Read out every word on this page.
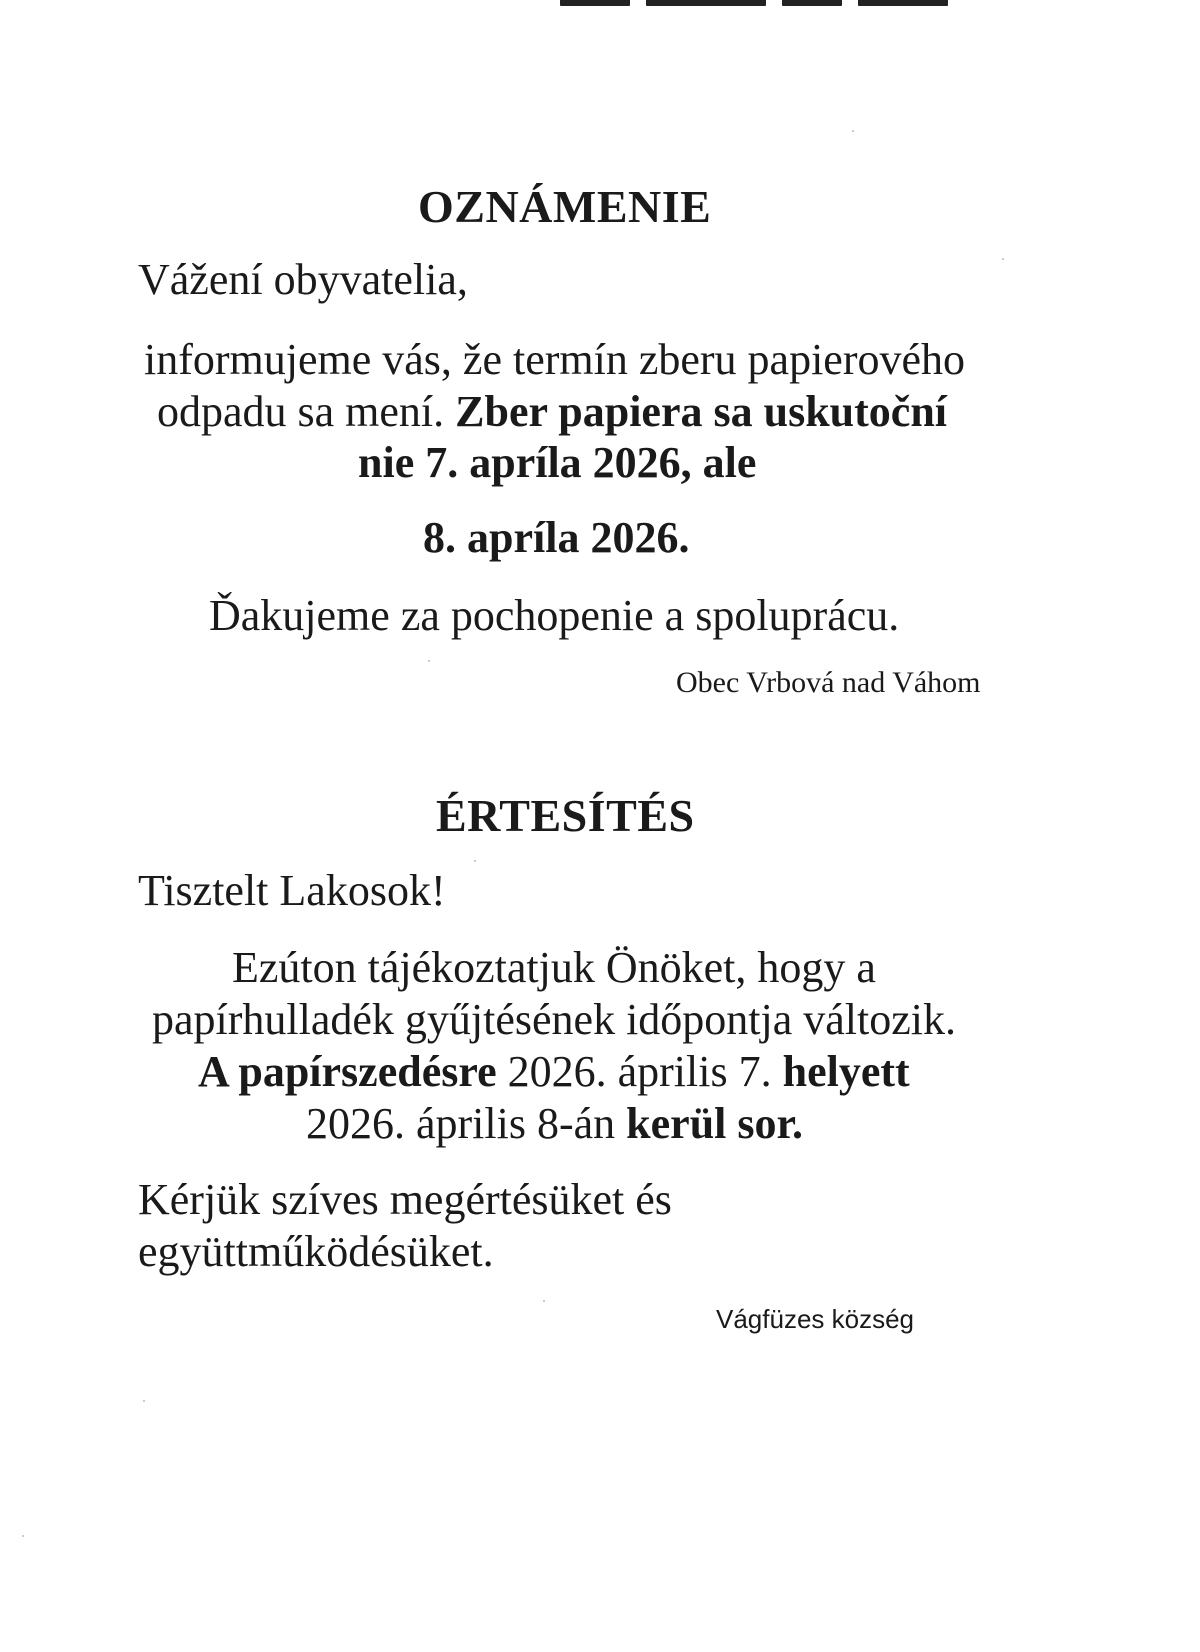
OZNÁMENIE
Vážení obyvatelia,
informujeme vás, že termín zberu papierového
odpadu sa mení. Zber papiera sa uskutoční
nie 7. apríla 2026, ale
8. apríla 2026.
Ďakujeme za pochopenie a spoluprácu.
Obec Vrbová nad Váhom
ÉRTESÍTÉS
Tisztelt Lakosok!
Ezúton tájékoztatjuk Önöket, hogy a
papírhulladék gyűjtésének időpontja változik.
A papírszedésre 2026. április 7. helyett
2026. április 8-án kerül sor.
Kérjük szíves megértésüket és
együttműködésüket.
Vágfüzes község
